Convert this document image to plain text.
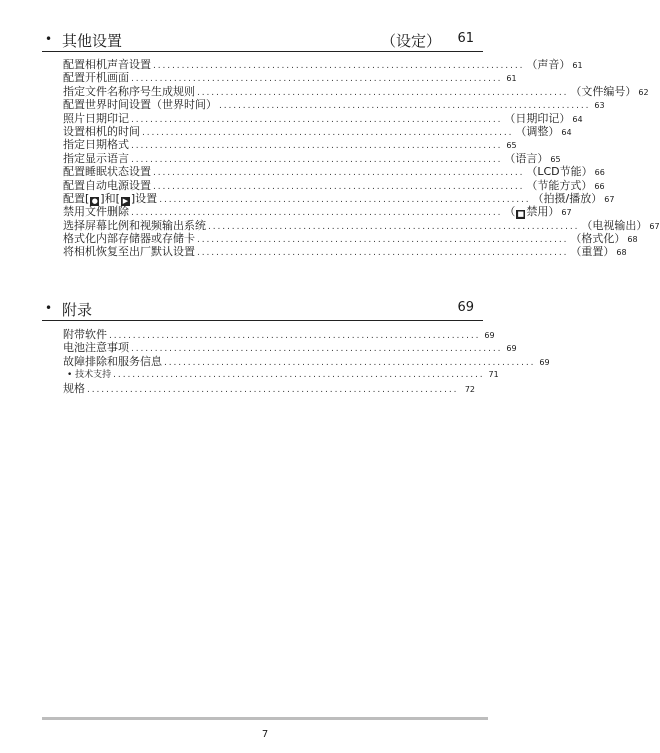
• 其他设置	（设定） 61
配置相机声音设置 .............................................................................. （声音） 61
配置开机画面 .............................................................................. 61
指定文件名称序号生成规则 .............................................................................. （文件编号） 62
配置世界时间设置（世界时间） .............................................................................. 63
照片日期印记 .............................................................................. （日期印记） 64
设置相机的时间 .............................................................................. （调整） 64
指定日期格式 .............................................................................. 65
指定显示语言 .............................................................................. （语言） 65
配置睡眠状态设置 .............................................................................. （LCD节能） 66
配置自动电源设置 .............................................................................. （节能方式） 66
配置[ ● ]和[ ▶ ]设置 .............................................................................. （拍摄/播放） 67
禁用文件删除 .............................................................................. （ ■ 禁用） 67
选择屏幕比例和视频输出系统 .............................................................................. （电视输出） 67
格式化内部存储器或存储卡 .............................................................................. （格式化） 68
将相机恢复至出厂默认设置 .............................................................................. （重置） 68
• 附录	69
附带软件 .............................................................................. 69
电池注意事项 .............................................................................. 69
故障排除和服务信息 .............................................................................. 69
• 技术支持 .............................................................................. 71
规格 .............................................................................. 72
7
